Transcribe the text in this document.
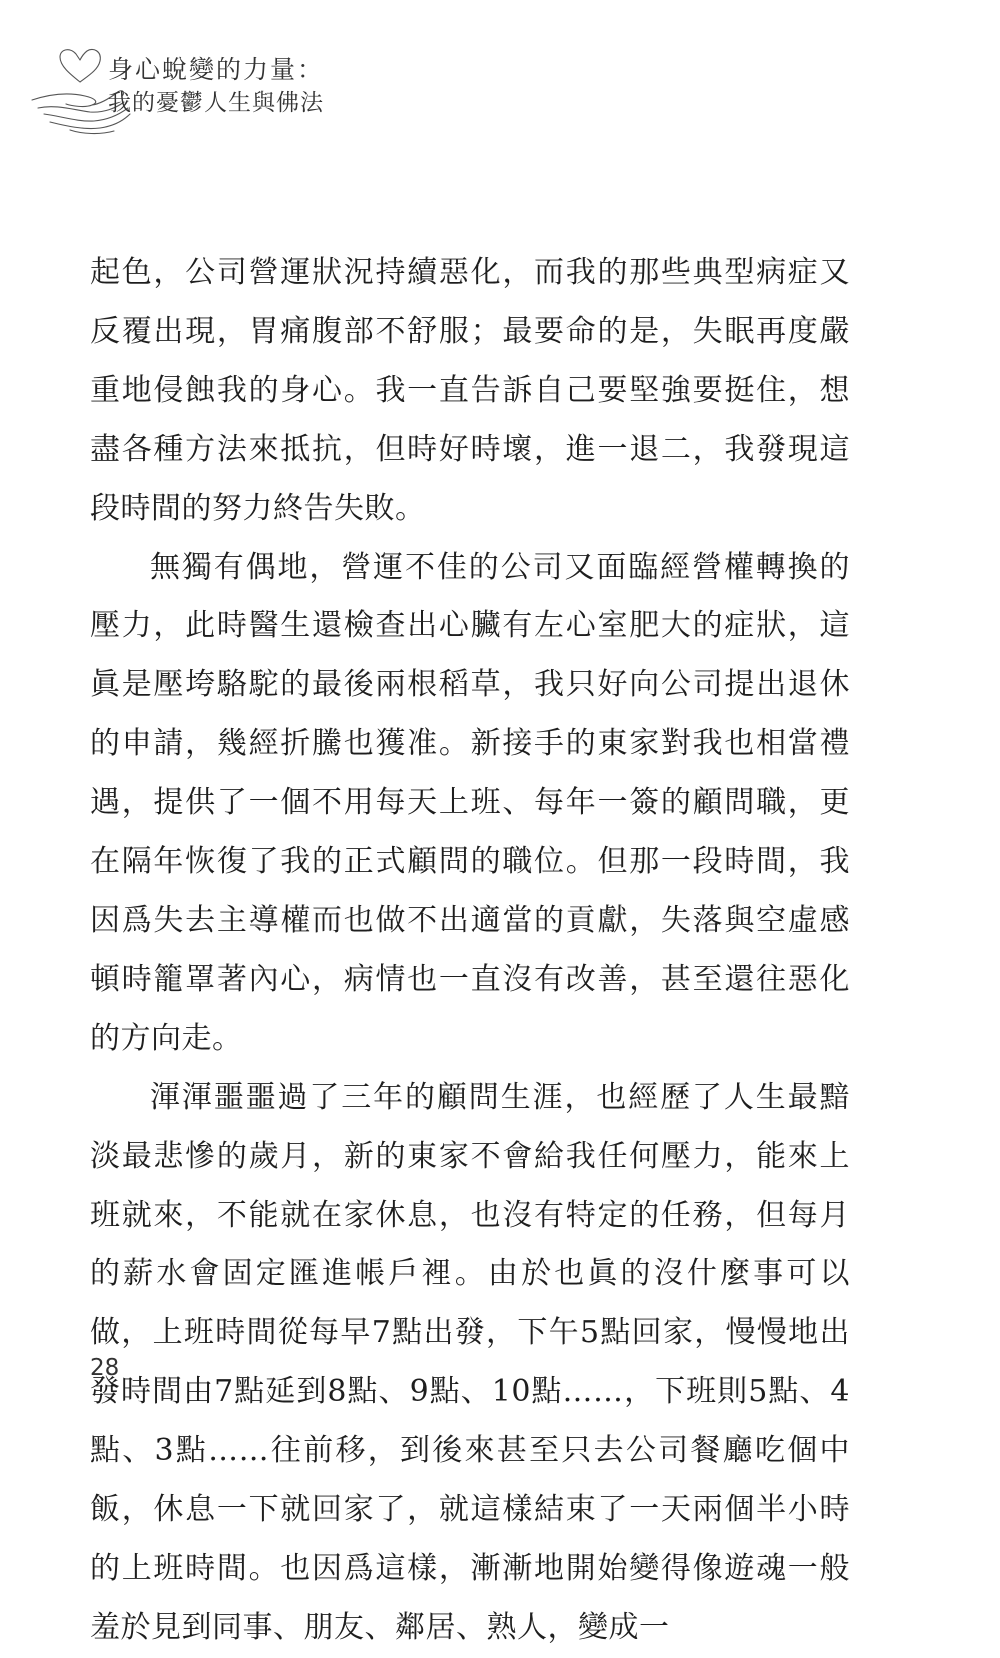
身心蛻變的力量：
我的憂鬱人生與佛法

起色，公司營運狀況持續惡化，而我的那些典型病症又反覆出現，胃痛腹部不舒服；最要命的是，失眠再度嚴重地侵蝕我的身心。我一直告訴自己要堅強要挺住，想盡各種方法來抵抗，但時好時壞，進一退二，我發現這段時間的努力終告失敗。

無獨有偶地，營運不佳的公司又面臨經營權轉換的壓力，此時醫生還檢查出心臟有左心室肥大的症狀，這眞是壓垮駱駝的最後兩根稻草，我只好向公司提出退休的申請，幾經折騰也獲准。新接手的東家對我也相當禮遇，提供了一個不用每天上班、每年一簽的顧問職，更在隔年恢復了我的正式顧問的職位。但那一段時間，我因爲失去主導權而也做不出適當的貢獻，失落與空虛感頓時籠罩著內心，病情也一直沒有改善，甚至還往惡化的方向走。

渾渾噩噩過了三年的顧問生涯，也經歷了人生最黯淡最悲慘的歲月，新的東家不會給我任何壓力，能來上班就來，不能就在家休息，也沒有特定的任務，但每月的薪水會固定匯進帳戶裡。由於也眞的沒什麼事可以做，上班時間從每早7點出發，下午5點回家，慢慢地出發時間由7點延到8點、9點、10點……，下班則5點、4點、3點……往前移，到後來甚至只去公司餐廳吃個中飯，休息一下就回家了，就這樣結束了一天兩個半小時的上班時間。也因爲這樣，漸漸地開始變得像遊魂一般羞於見到同事、朋友、鄰居、熟人，變成一

28
